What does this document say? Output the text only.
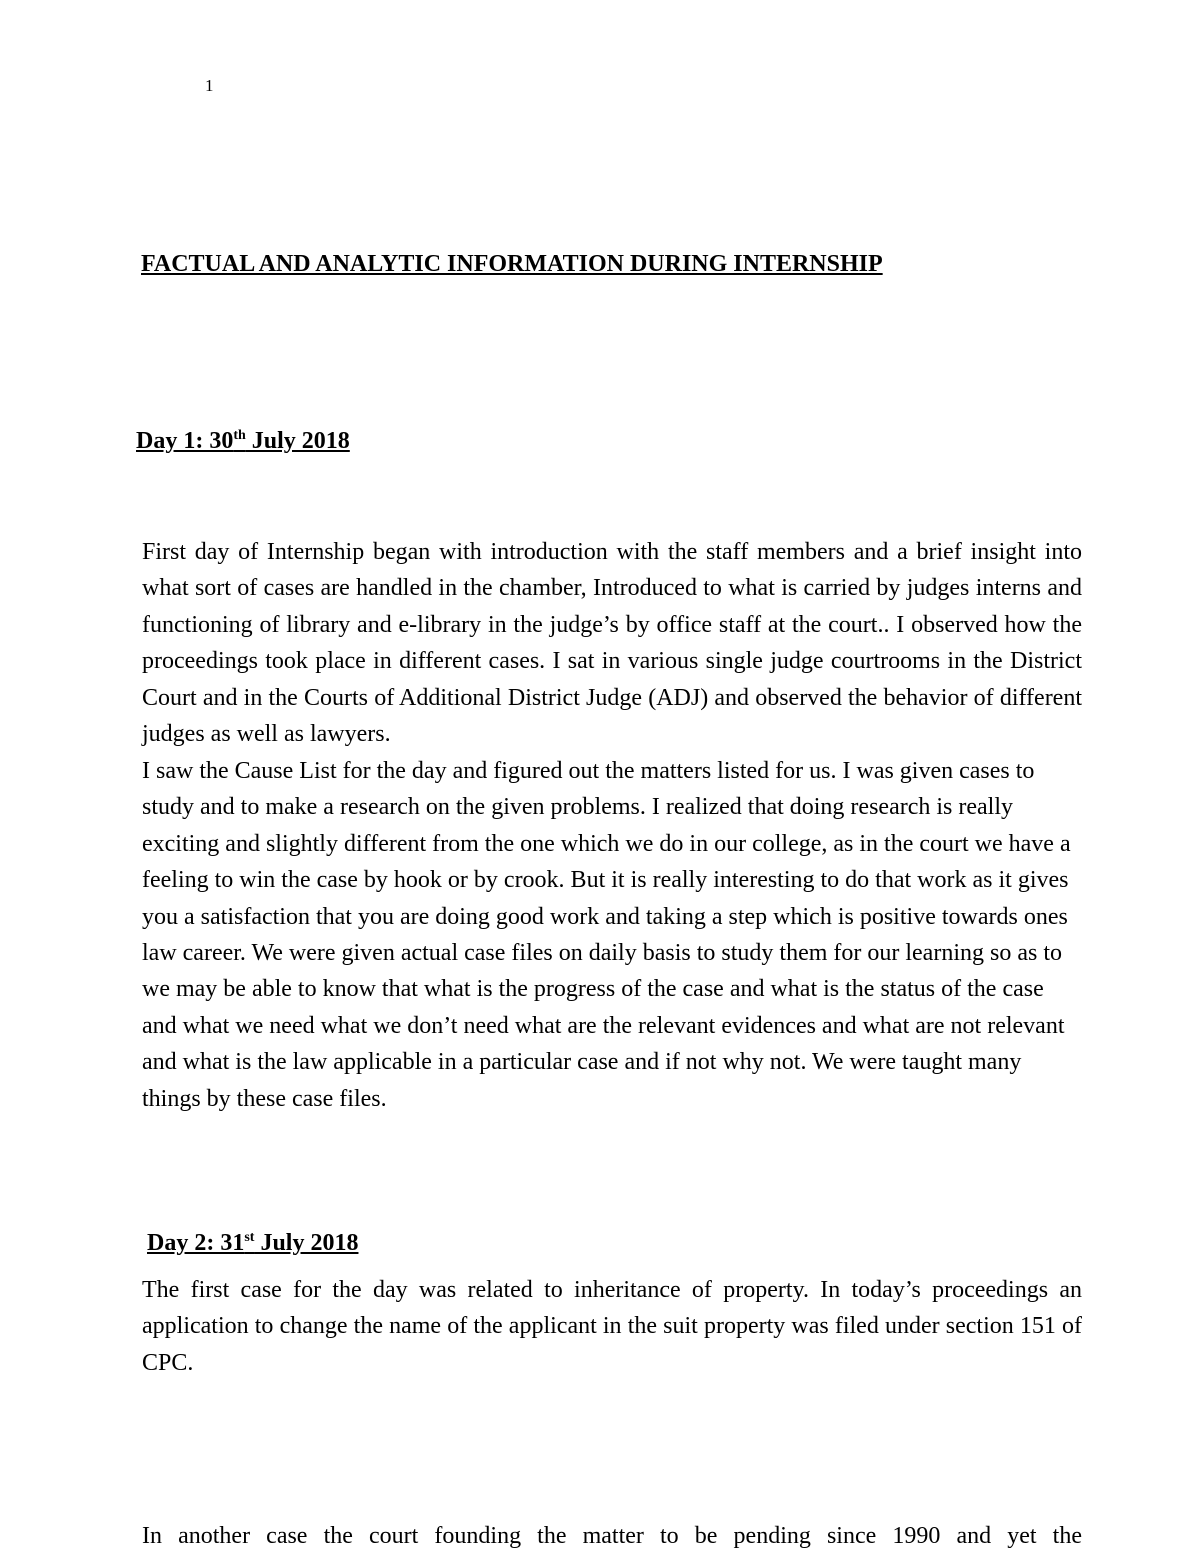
1
FACTUAL AND ANALYTIC INFORMATION DURING INTERNSHIP
Day 1: 30th July 2018

First day of Internship began with introduction with the staff members and a brief insight into what sort of cases are handled in the chamber, Introduced to what is carried by judges interns and functioning of library and e-library in the judge’s by office staff at the court.. I observed how the proceedings took place in different cases. I sat in various single judge courtrooms in the District Court and in the Courts of Additional District Judge (ADJ) and observed the behavior of different judges as well as lawyers.

I saw the Cause List for the day and figured out the matters listed for us. I was given cases to study and to make a research on the given problems. I realized that doing research is really exciting and slightly different from the one which we do in our college, as in the court we have a feeling to win the case by hook or by crook. But it is really interesting to do that work as it gives you a satisfaction that you are doing good work and taking a step which is positive towards ones law career. We were given actual case files on daily basis to study them for our learning so as to we may be able to know that what is the progress of the case and what is the status of the case and what we need what we don’t need what are the relevant evidences and what are not relevant and what is the law applicable in a particular case and if not why not. We were taught many things by these case files.

Day 2: 31st July 2018

The first case for the day was related to inheritance of property. In today’s proceedings an application to change the name of the applicant in the suit property was filed under section 151 of CPC.

In another case the court founding the matter to be pending since 1990 and yet the
